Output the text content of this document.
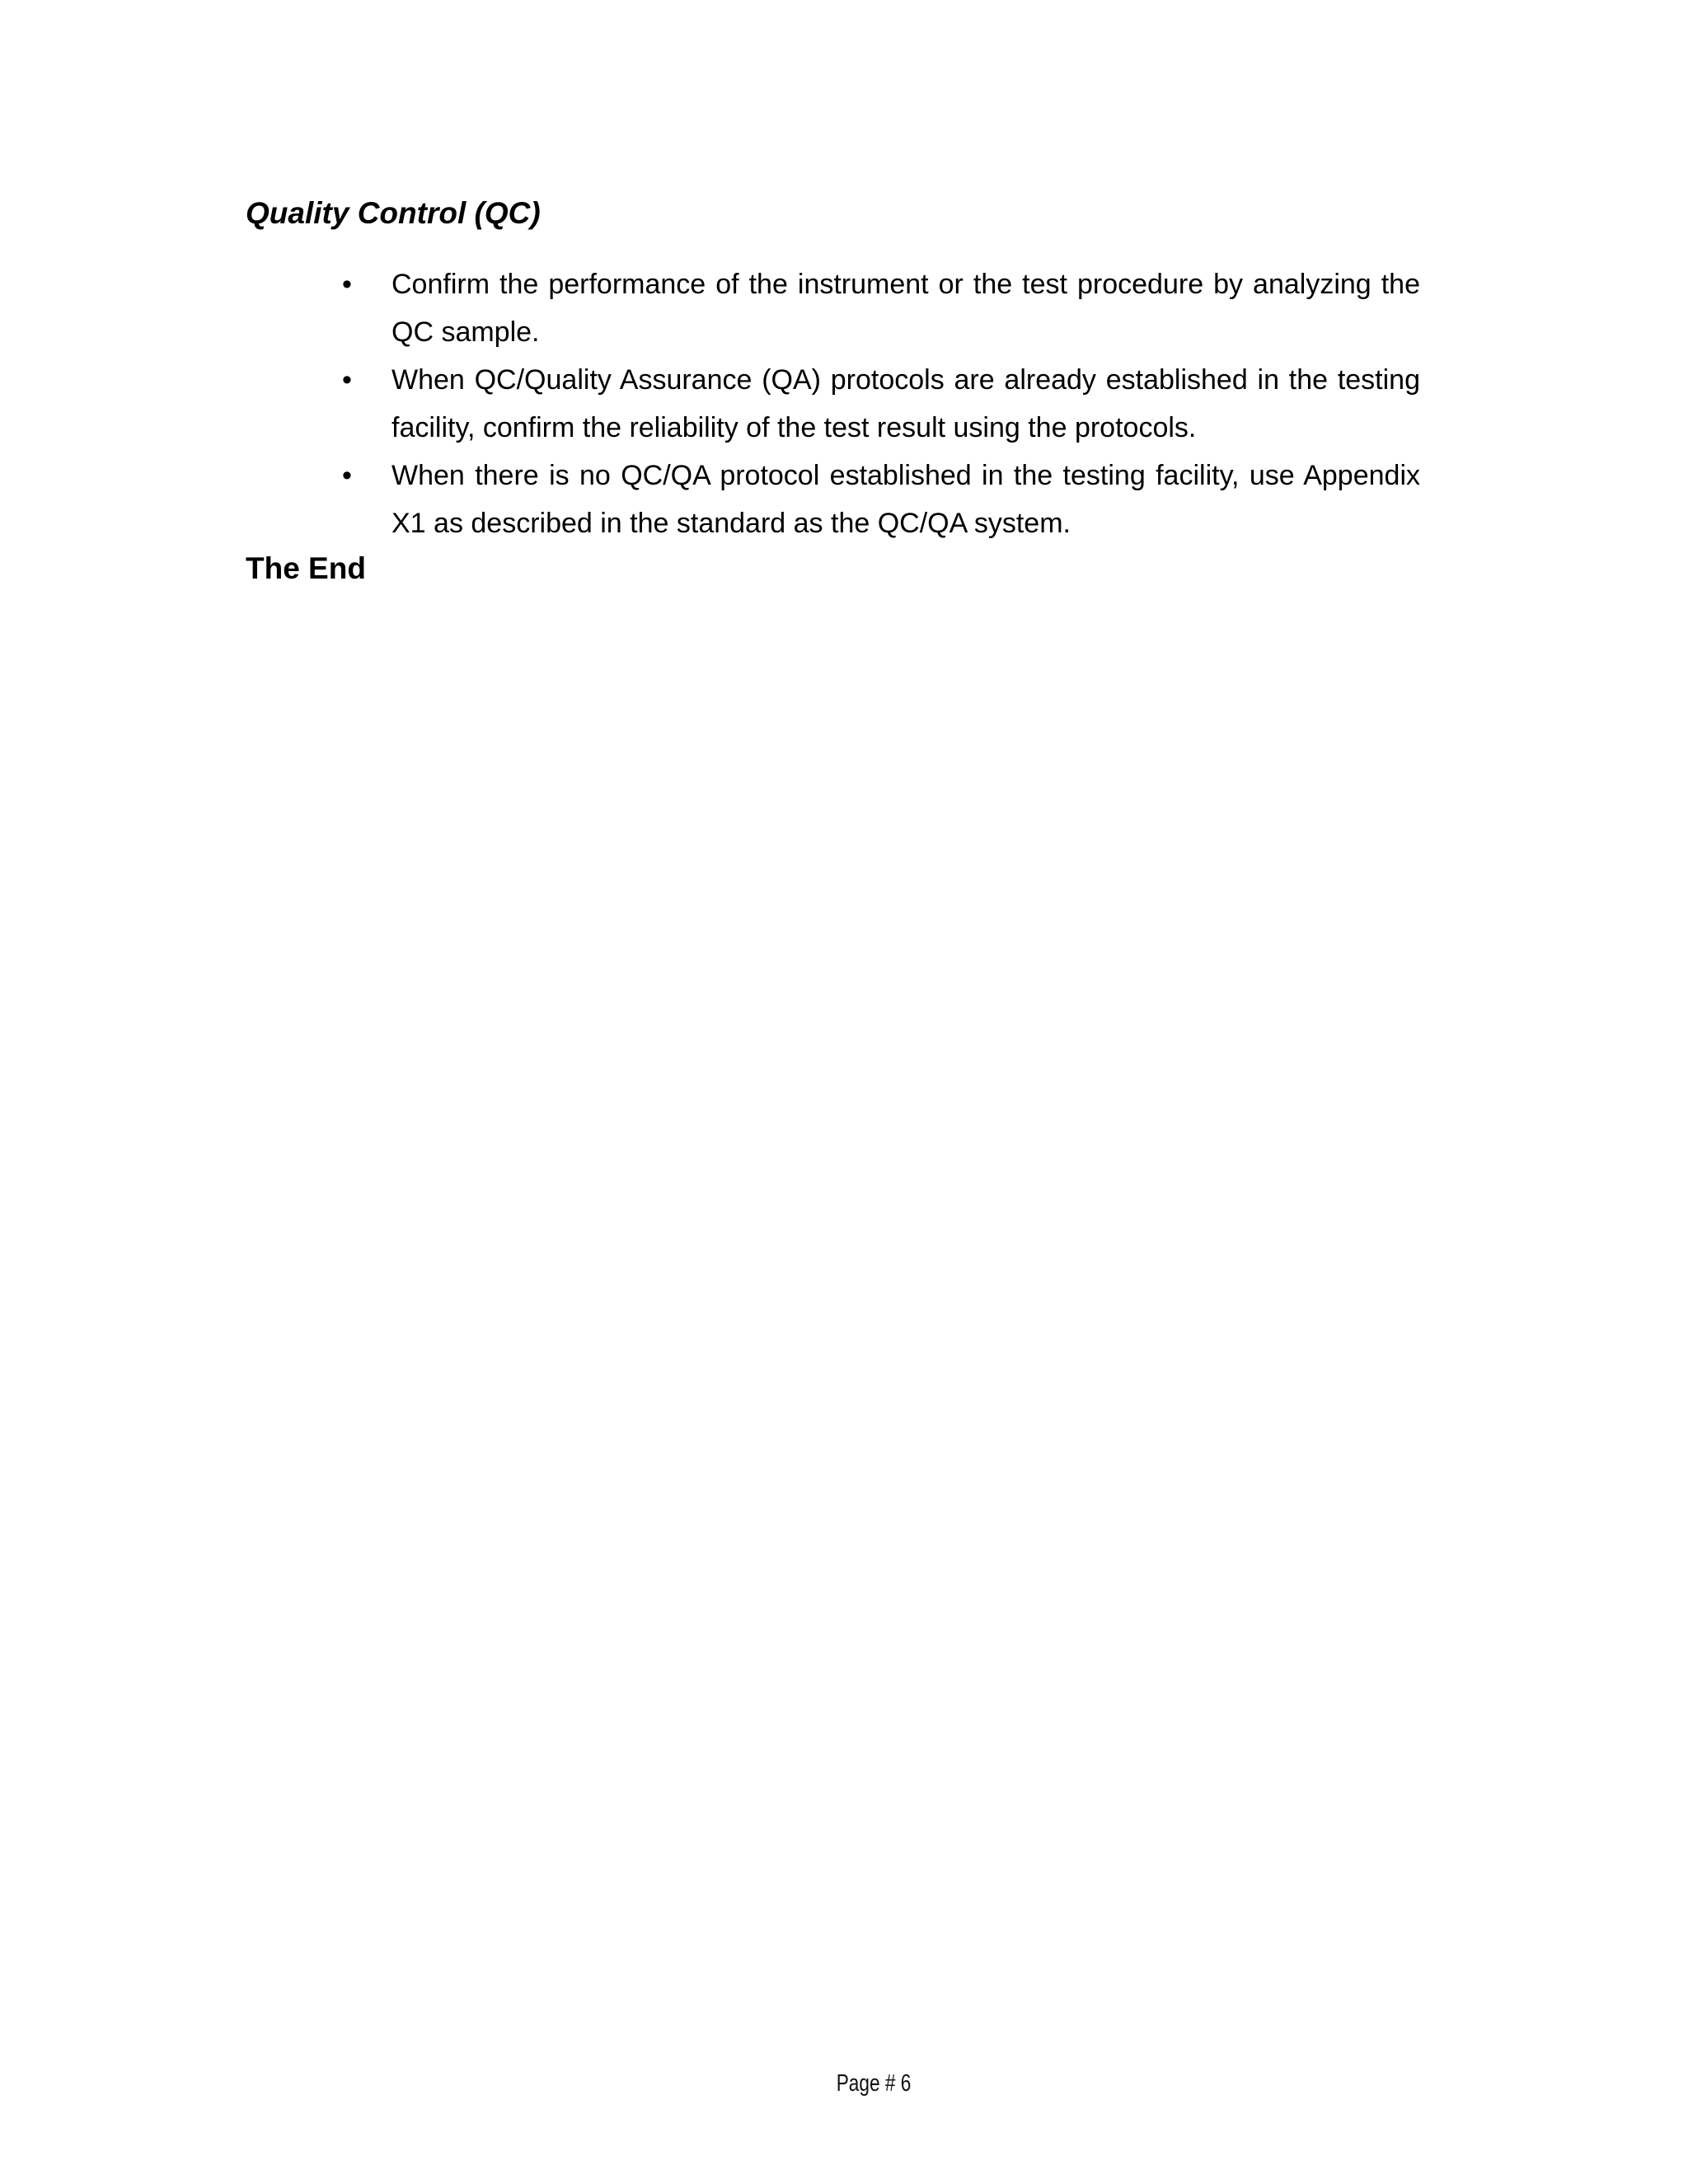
Quality Control (QC)
• Confirm the performance of the instrument or the test procedure by analyzing the QC sample.
• When QC/Quality Assurance (QA) protocols are already established in the testing facility, confirm the reliability of the test result using the protocols.
• When there is no QC/QA protocol established in the testing facility, use Appendix X1 as described in the standard as the QC/QA system.
The End
Page # 6
